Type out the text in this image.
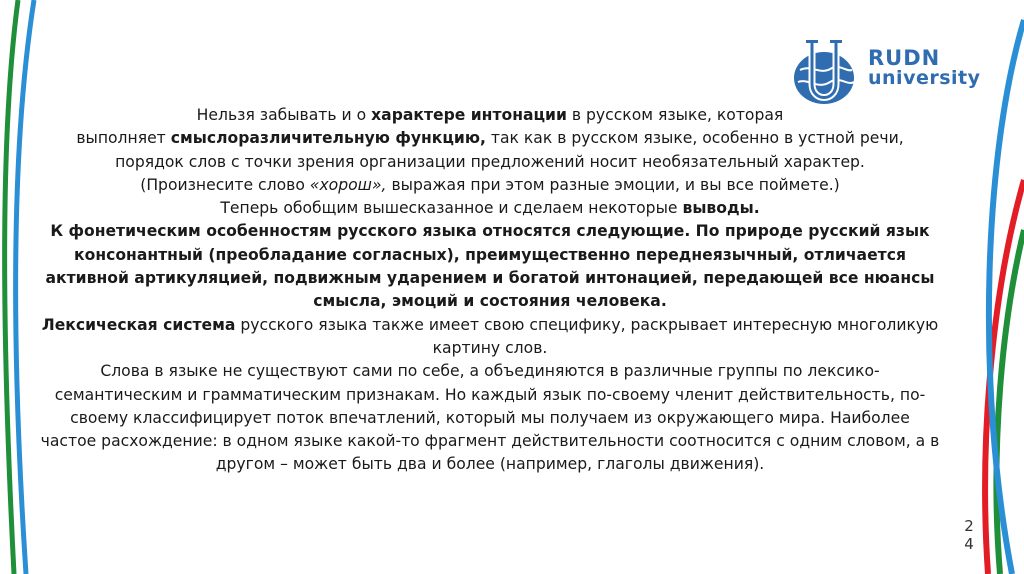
RUDN
university

Нельзя забывать и о характере интонации в русском языке, которая

выполняет смыслоразличительную функцию, так как в русском языке, особенно в устной речи,

порядок слов с точки зрения организации предложений носит необязательный характер.

(Произнесите слово «хорош», выражая при этом разные эмоции, и вы все поймете.)

Теперь обобщим вышесказанное и сделаем некоторые выводы.

К фонетическим особенностям русского языка относятся следующие. По природе русский язык консонантный (преобладание согласных), преимущественно переднеязычный, отличается активной артикуляцией, подвижным ударением и богатой интонацией, передающей все нюансы смысла, эмоций и состояния человека.

Лексическая система русского языка также имеет свою специфику, раскрывает интересную многоликую картину слов.

Слова в языке не существуют сами по себе, а объединяются в различные группы по лексико-семантическим и грамматическим признакам. Но каждый язык по-своему членит действительность, по-своему классифицирует поток впечатлений, который мы получаем из окружающего мира. Наиболее частое расхождение: в одном языке какой-то фрагмент действительности соотносится с одним словом, а в другом – может быть два и более (например, глаголы движения).

2
4
